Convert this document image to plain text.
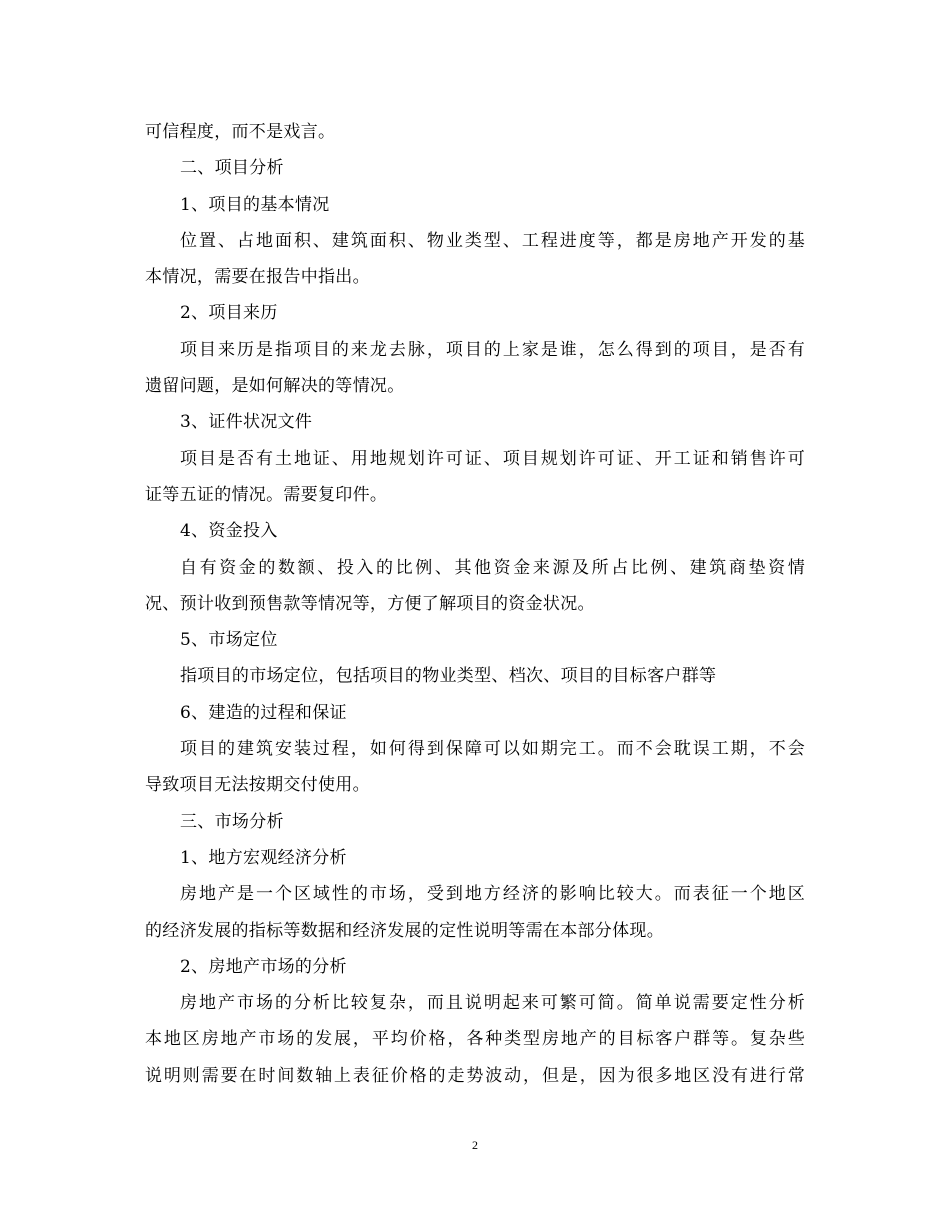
可信程度，而不是戏言。
二、项目分析
1、项目的基本情况
位置、占地面积、建筑面积、物业类型、工程进度等，都是房地产开发的基
本情况，需要在报告中指出。
2、项目来历
项目来历是指项目的来龙去脉，项目的上家是谁，怎么得到的项目，是否有
遗留问题，是如何解决的等情况。
3、证件状况文件
项目是否有土地证、用地规划许可证、项目规划许可证、开工证和销售许可
证等五证的情况。需要复印件。
4、资金投入
自有资金的数额、投入的比例、其他资金来源及所占比例、建筑商垫资情
况、预计收到预售款等情况等，方便了解项目的资金状况。
5、市场定位
指项目的市场定位，包括项目的物业类型、档次、项目的目标客户群等
6、建造的过程和保证
项目的建筑安装过程，如何得到保障可以如期完工。而不会耽误工期，不会
导致项目无法按期交付使用。
三、市场分析
1、地方宏观经济分析
房地产是一个区域性的市场，受到地方经济的影响比较大。而表征一个地区
的经济发展的指标等数据和经济发展的定性说明等需在本部分体现。
2、房地产市场的分析
房地产市场的分析比较复杂，而且说明起来可繁可简。简单说需要定性分析
本地区房地产市场的发展，平均价格，各种类型房地产的目标客户群等。复杂些
说明则需要在时间数轴上表征价格的走势波动，但是，因为很多地区没有进行常
2
